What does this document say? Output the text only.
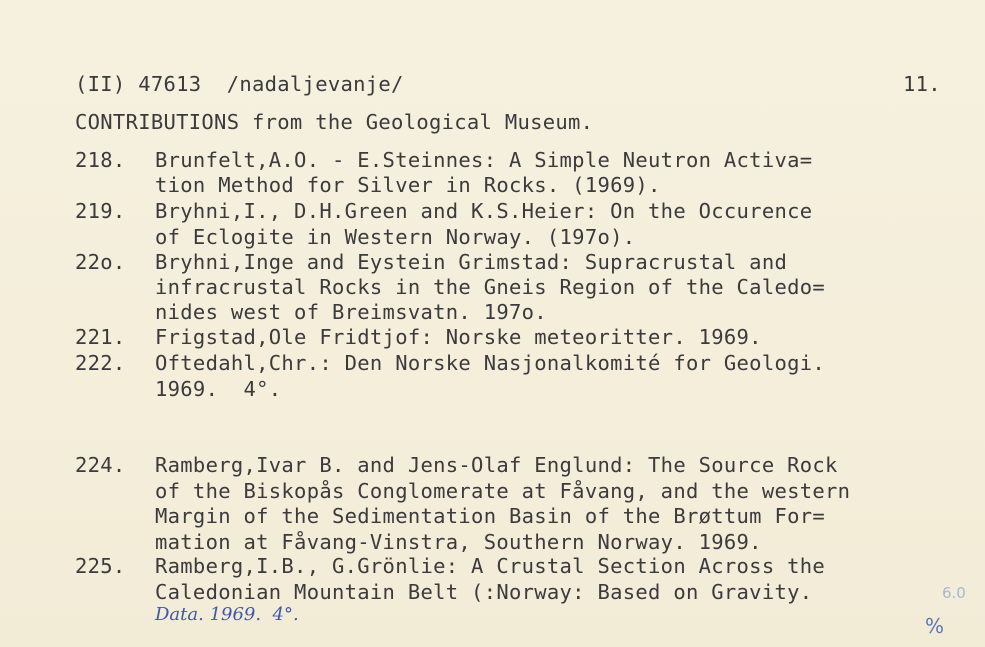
(II) 47613  /nadaljevanje/	11.
CONTRIBUTIONS from the Geological Museum.
218. Brunfelt,A.O. - E.Steinnes: A Simple Neutron Activa=
tion Method for Silver in Rocks. (1969).
219. Bryhni,I., D.H.Green and K.S.Heier: On the Occurence
of Eclogite in Western Norway. (197o).
22o. Bryhni,Inge and Eystein Grimstad: Supracrustal and
infracrustal Rocks in the Gneis Region of the Caledo=
nides west of Breimsvatn. 197o.
221. Frigstad,Ole Fridtjof: Norske meteoritter. 1969.
222. Oftedahl,Chr.: Den Norske Nasjonalkomité for Geologi.
1969.  4°.
224. Ramberg,Ivar B. and Jens-Olaf Englund: The Source Rock
of the Biskopås Conglomerate at Fåvang, and the western
Margin of the Sedimentation Basin of the Brøttum For=
mation at Fåvang-Vinstra, Southern Norway. 1969.
225. Ramberg,I.B., G.Grönlie: A Crustal Section Across the
Caledonian Mountain Belt (:Norway: Based on Gravity.
Data. 1969.  4°.
6.0
%
